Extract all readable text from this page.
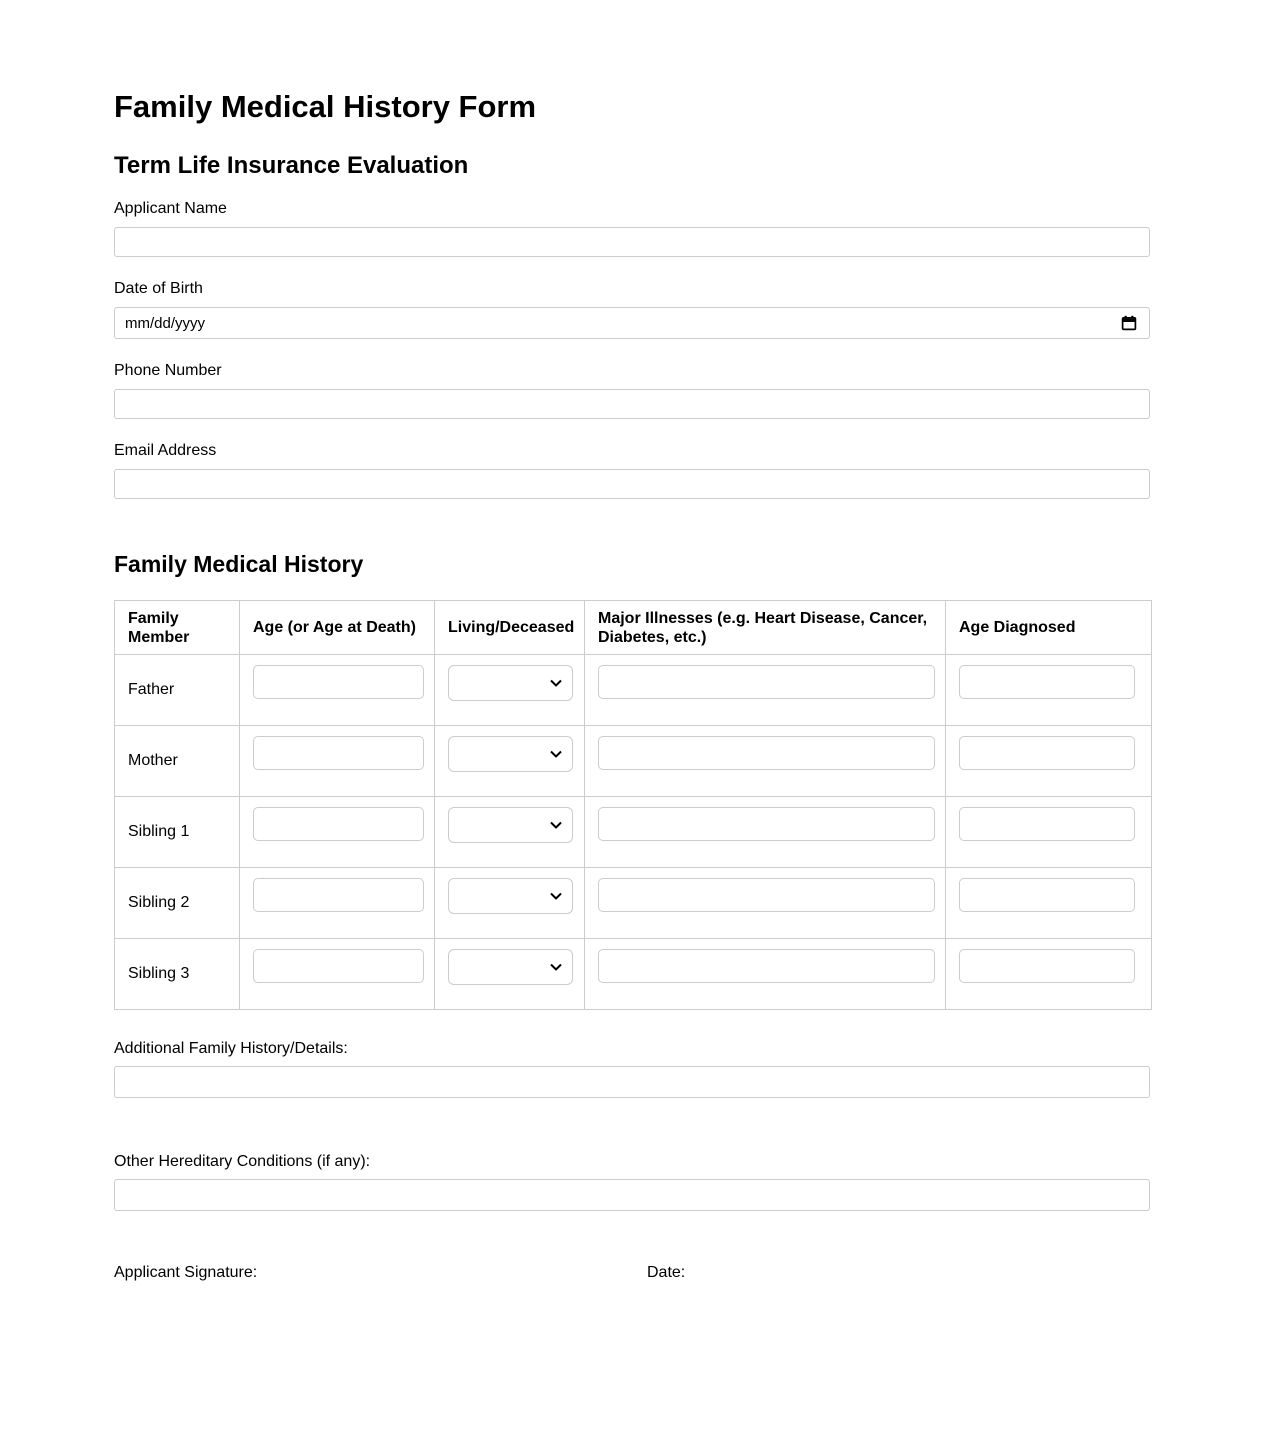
Family Medical History Form
Term Life Insurance Evaluation
Applicant Name
Date of Birth
mm/dd/yyyy
Phone Number
Email Address
Family Medical History
Family Member	Age (or Age at Death)	Living/Deceased	Major Illnesses (e.g. Heart Disease, Cancer, Diabetes, etc.)	Age Diagnosed
Father		

Mother		

Sibling 1		

Sibling 2		

Sibling 3		

Additional Family History/Details:
Other Hereditary Conditions (if any):
Applicant Signature:	Date:
